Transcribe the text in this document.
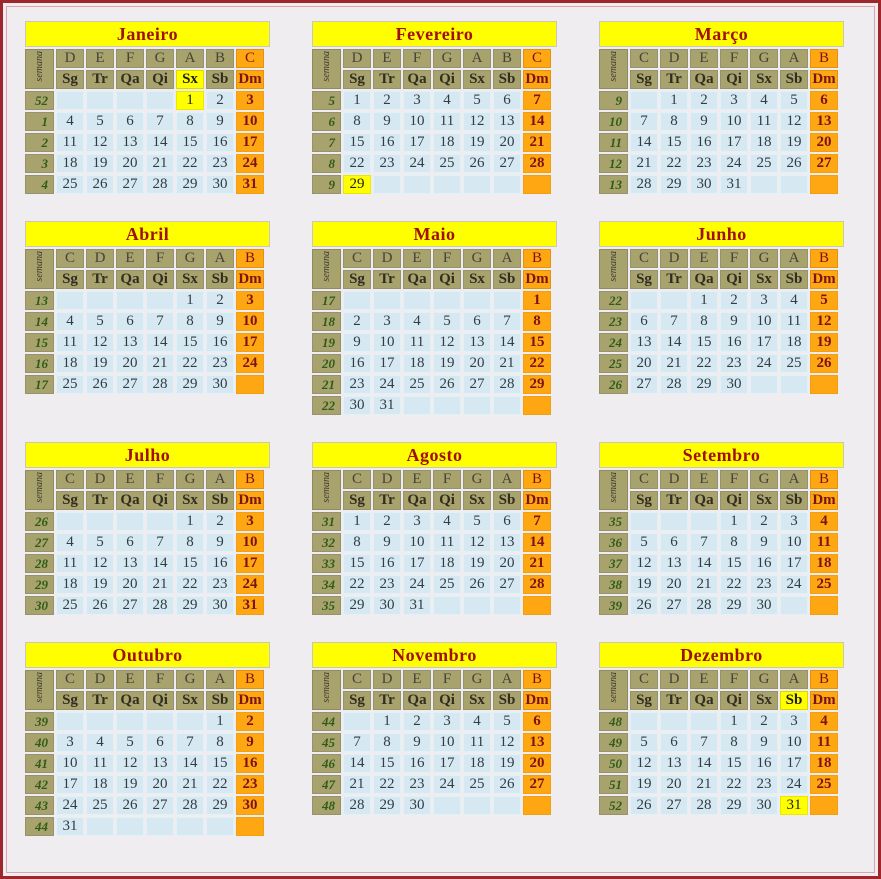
Janeiro
semana	D	E	F	G	A	B	C
	Sg	Tr	Qa	Qi	Sx	Sb	Dm
52					1	2	3
1	4	5	6	7	8	9	10
2	11	12	13	14	15	16	17
3	18	19	20	21	22	23	24
4	25	26	27	28	29	30	31
Fevereiro
semana	D	E	F	G	A	B	C
	Sg	Tr	Qa	Qi	Sx	Sb	Dm
5	1	2	3	4	5	6	7
6	8	9	10	11	12	13	14
7	15	16	17	18	19	20	21
8	22	23	24	25	26	27	28
9	29						
Março
semana	C	D	E	F	G	A	B
	Sg	Tr	Qa	Qi	Sx	Sb	Dm
9		1	2	3	4	5	6
10	7	8	9	10	11	12	13
11	14	15	16	17	18	19	20
12	21	22	23	24	25	26	27
13	28	29	30	31			
Abril
semana	C	D	E	F	G	A	B
	Sg	Tr	Qa	Qi	Sx	Sb	Dm
13					1	2	3
14	4	5	6	7	8	9	10
15	11	12	13	14	15	16	17
16	18	19	20	21	22	23	24
17	25	26	27	28	29	30	
Maio
semana	C	D	E	F	G	A	B
	Sg	Tr	Qa	Qi	Sx	Sb	Dm
17							1
18	2	3	4	5	6	7	8
19	9	10	11	12	13	14	15
20	16	17	18	19	20	21	22
21	23	24	25	26	27	28	29
22	30	31					
Junho
semana	C	D	E	F	G	A	B
	Sg	Tr	Qa	Qi	Sx	Sb	Dm
22			1	2	3	4	5
23	6	7	8	9	10	11	12
24	13	14	15	16	17	18	19
25	20	21	22	23	24	25	26
26	27	28	29	30			
Julho
semana	C	D	E	F	G	A	B
	Sg	Tr	Qa	Qi	Sx	Sb	Dm
26					1	2	3
27	4	5	6	7	8	9	10
28	11	12	13	14	15	16	17
29	18	19	20	21	22	23	24
30	25	26	27	28	29	30	31
Agosto
semana	C	D	E	F	G	A	B
	Sg	Tr	Qa	Qi	Sx	Sb	Dm
31	1	2	3	4	5	6	7
32	8	9	10	11	12	13	14
33	15	16	17	18	19	20	21
34	22	23	24	25	26	27	28
35	29	30	31				
Setembro
semana	C	D	E	F	G	A	B
	Sg	Tr	Qa	Qi	Sx	Sb	Dm
35				1	2	3	4
36	5	6	7	8	9	10	11
37	12	13	14	15	16	17	18
38	19	20	21	22	23	24	25
39	26	27	28	29	30		
Outubro
semana	C	D	E	F	G	A	B
	Sg	Tr	Qa	Qi	Sx	Sb	Dm
39						1	2
40	3	4	5	6	7	8	9
41	10	11	12	13	14	15	16
42	17	18	19	20	21	22	23
43	24	25	26	27	28	29	30
44	31						
Novembro
semana	C	D	E	F	G	A	B
	Sg	Tr	Qa	Qi	Sx	Sb	Dm
44		1	2	3	4	5	6
45	7	8	9	10	11	12	13
46	14	15	16	17	18	19	20
47	21	22	23	24	25	26	27
48	28	29	30				
Dezembro
semana	C	D	E	F	G	A	B
	Sg	Tr	Qa	Qi	Sx	Sb	Dm
48				1	2	3	4
49	5	6	7	8	9	10	11
50	12	13	14	15	16	17	18
51	19	20	21	22	23	24	25
52	26	27	28	29	30	31	
